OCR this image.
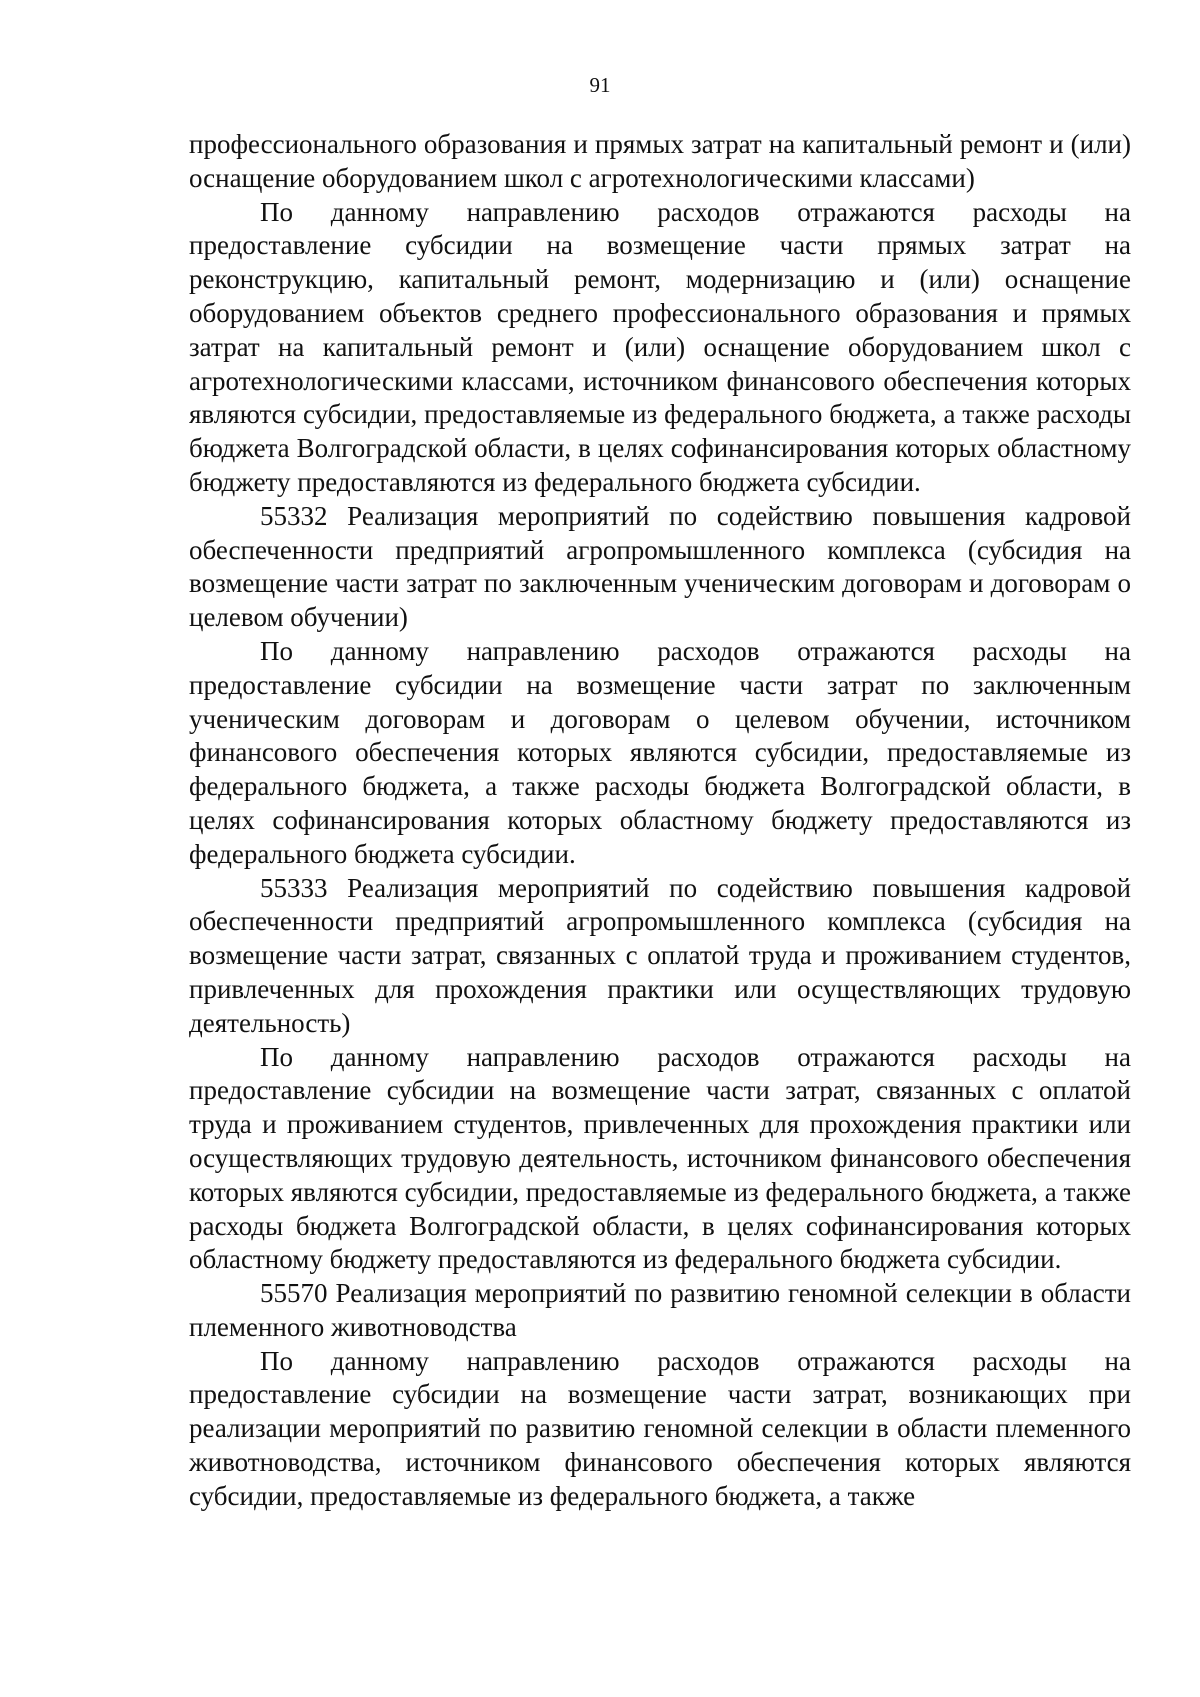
91

профессионального образования и прямых затрат на капитальный ремонт и (или) оснащение оборудованием школ с агротехнологическими классами)

По данному направлению расходов отражаются расходы на предоставление субсидии на возмещение части прямых затрат на реконструкцию, капитальный ремонт, модернизацию и (или) оснащение оборудованием объектов среднего профессионального образования и прямых затрат на капитальный ремонт и (или) оснащение оборудованием школ с агротехнологическими классами, источником финансового обеспечения которых являются субсидии, предоставляемые из федерального бюджета, а также расходы бюджета Волгоградской области, в целях софинансирования которых областному бюджету предоставляются из федерального бюджета субсидии.

55332 Реализация мероприятий по содействию повышения кадровой обеспеченности предприятий агропромышленного комплекса (субсидия на возмещение части затрат по заключенным ученическим договорам и договорам о целевом обучении)

По данному направлению расходов отражаются расходы на предоставление субсидии на возмещение части затрат по заключенным ученическим договорам и договорам о целевом обучении, источником финансового обеспечения которых являются субсидии, предоставляемые из федерального бюджета, а также расходы бюджета Волгоградской области, в целях софинансирования которых областному бюджету предоставляются из федерального бюджета субсидии.

55333 Реализация мероприятий по содействию повышения кадровой обеспеченности предприятий агропромышленного комплекса (субсидия на возмещение части затрат, связанных с оплатой труда и проживанием студентов, привлеченных для прохождения практики или осуществляющих трудовую деятельность)

По данному направлению расходов отражаются расходы на предоставление субсидии на возмещение части затрат, связанных с оплатой труда и проживанием студентов, привлеченных для прохождения практики или осуществляющих трудовую деятельность, источником финансового обеспечения которых являются субсидии, предоставляемые из федерального бюджета, а также расходы бюджета Волгоградской области, в целях софинансирования которых областному бюджету предоставляются из федерального бюджета субсидии.

55570 Реализация мероприятий по развитию геномной селекции в области племенного животноводства

По данному направлению расходов отражаются расходы на предоставление субсидии на возмещение части затрат, возникающих при реализации мероприятий по развитию геномной селекции в области племенного животноводства, источником финансового обеспечения которых являются субсидии, предоставляемые из федерального бюджета, а также
